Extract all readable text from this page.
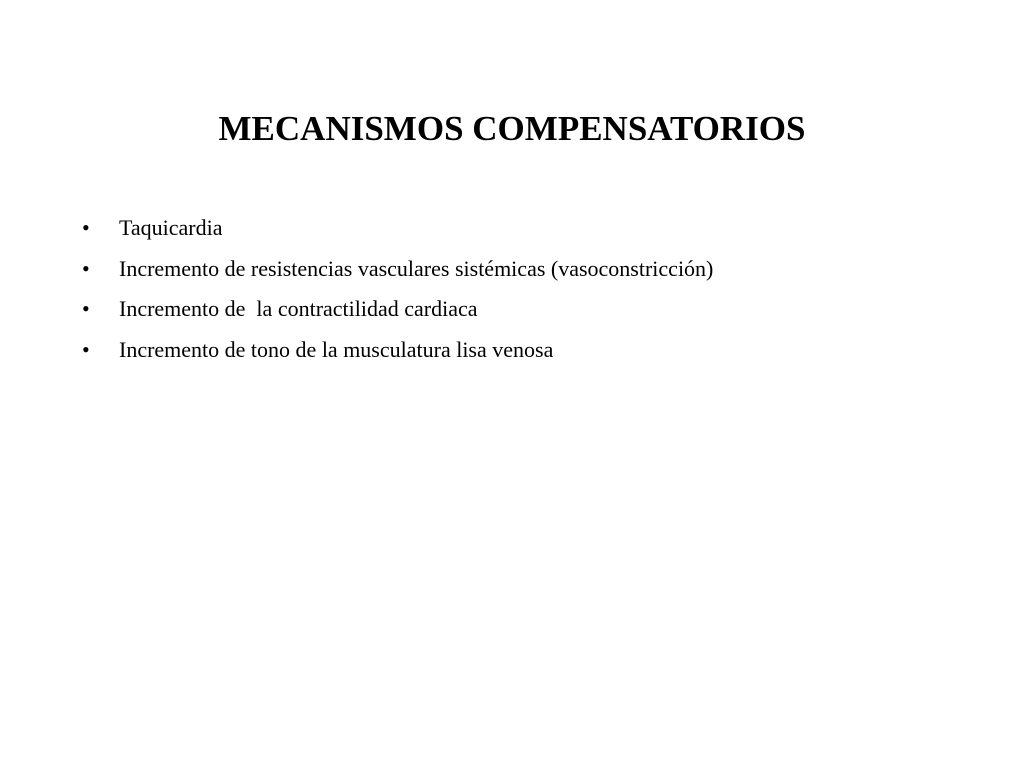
MECANISMOS COMPENSATORIOS

•

	Taquicardia

•

	Incremento de resistencias vasculares sistémicas (vasoconstricción)

•

	Incremento de  la contractilidad cardiaca

•

	Incremento de tono de la musculatura lisa venosa
